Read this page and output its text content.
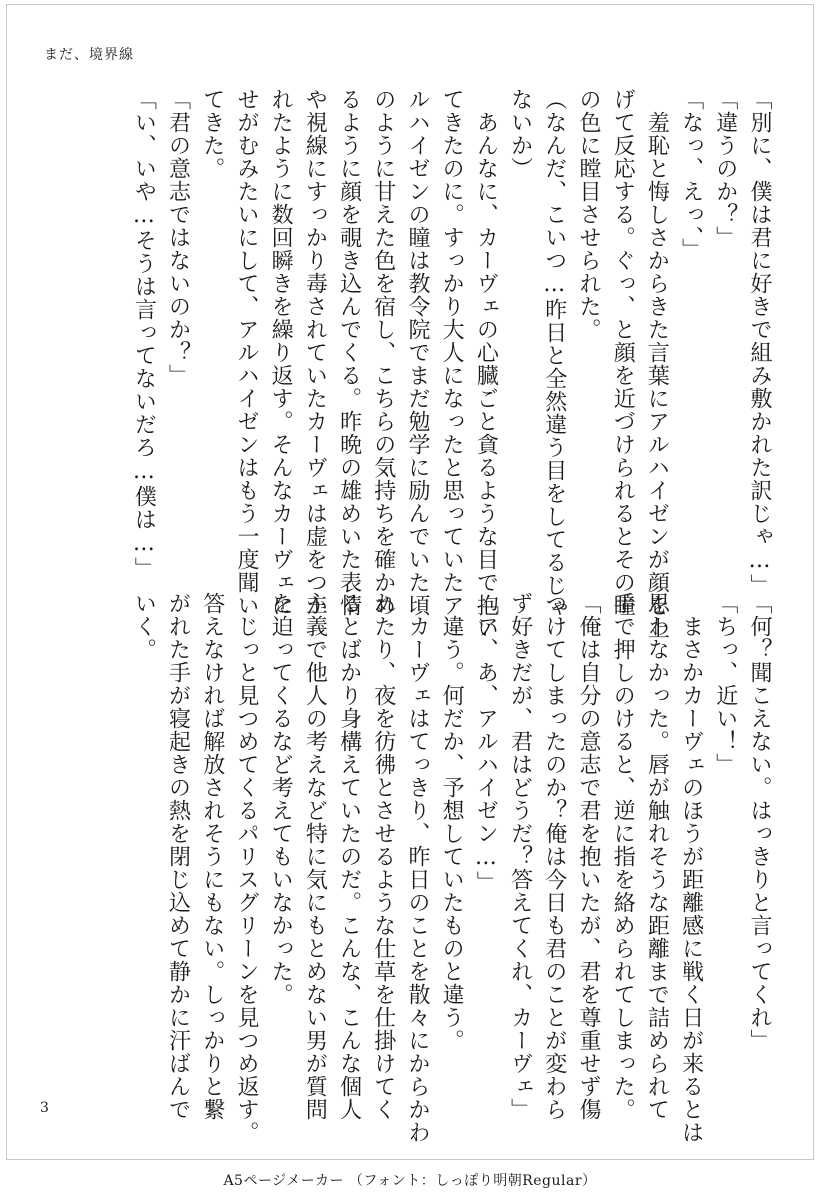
まだ、境界線

「別に、僕は君に好きで組み敷かれた訳じゃ…」

「違うのか？」

「なっ、えっ、」

　羞恥と悔しさからきた言葉にアルハイゼンが顔を上

げて反応する。ぐっ、と顔を近づけられるとその瞳

の色に瞠目させられた。

（なんだ、こいつ…昨日と全然違う目をしてるじゃ

ないか）

　あんなに、カーヴェの心臓ごと貪るような目で抱い

てきたのに。すっかり大人になったと思っていたア

ルハイゼンの瞳は教令院でまだ勉学に励んでいた頃

のように甘えた色を宿し、こちらの気持ちを確かめ

るように顔を覗き込んでくる。昨晩の雄めいた表情

や視線にすっかり毒されていたカーヴェは虚をつか

れたように数回瞬きを繰り返す。そんなカーヴェに

せがむみたいにして、アルハイゼンはもう一度聞い

てきた。

「君の意志ではないのか？」

「い、いや…そうは言ってないだろ…僕は…」

「何？聞こえない。はっきりと言ってくれ」

「ちっ、近い！」

　まさかカーヴェのほうが距離感に戦く日が来るとは

思わなかった。唇が触れそうな距離まで詰められて

手で押しのけると、逆に指を絡められてしまった。

「俺は自分の意志で君を抱いたが、君を尊重せず傷

つけてしまったのか？俺は今日も君のことが変わら

ず好きだが、君はどうだ？答えてくれ、カーヴェ」

「ア、あ、アルハイゼン…」

　違う。何だか、予想していたものと違う。

　カーヴェはてっきり、昨日のことを散々にからかわ

れたり、夜を彷彿とさせるような仕草を仕掛けてく

るとばかり身構えていたのだ。こんな、こんな個人

主義で他人の考えなど特に気にもとめない男が質問

を迫ってくるなど考えてもいなかった。

　じっと見つめてくるパリスグリーンを見つめ返す。

答えなければ解放されそうにもない。しっかりと繋

がれた手が寝起きの熱を閉じ込めて静かに汗ばんで

いく。

3
A5ページメーカー （フォント：しっぽり明朝Regular）
